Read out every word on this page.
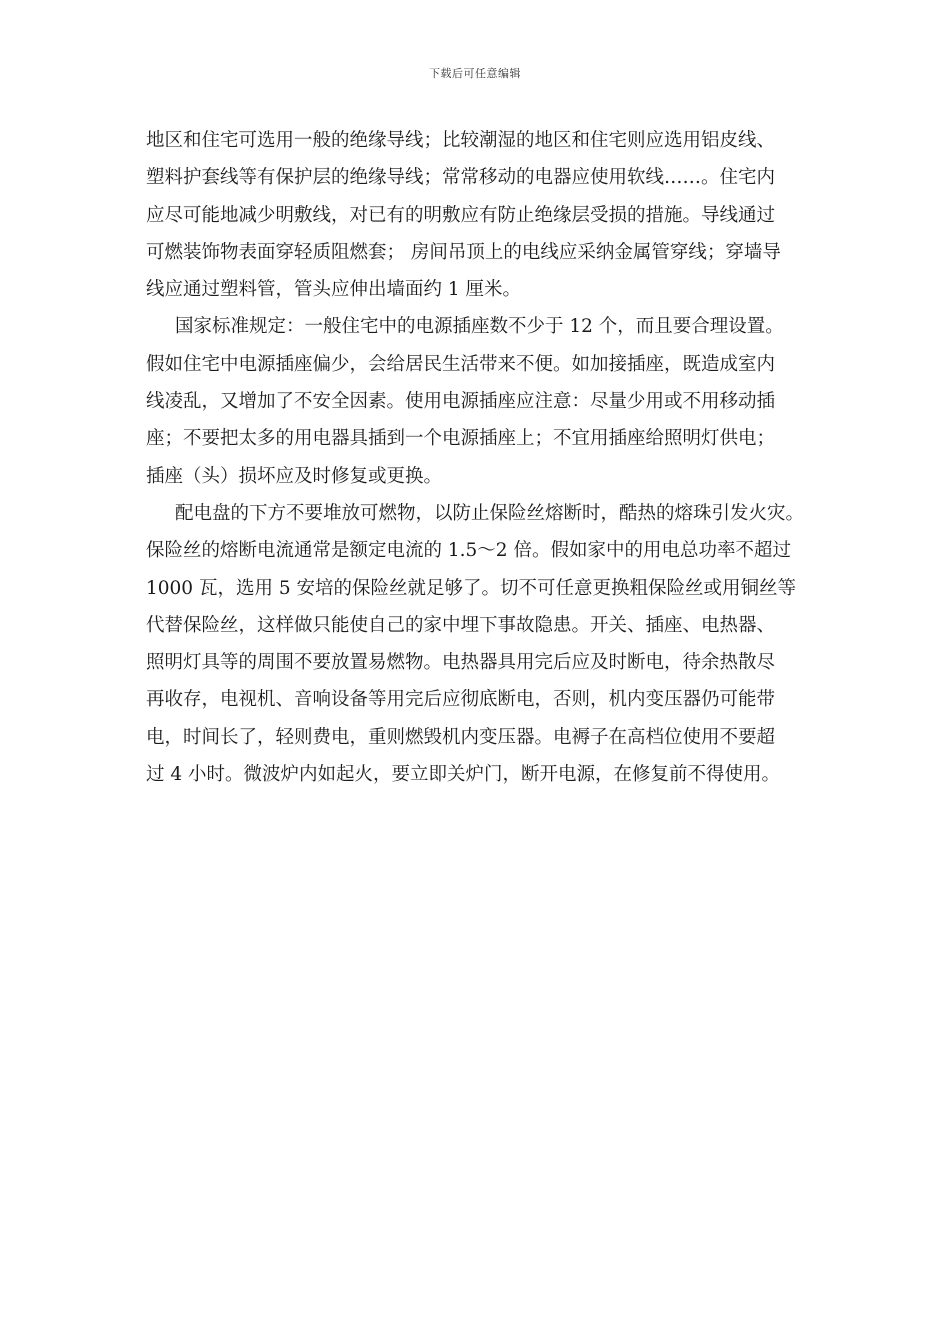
下载后可任意编辑
地区和住宅可选用一般的绝缘导线；比较潮湿的地区和住宅则应选用铝皮线、
塑料护套线等有保护层的绝缘导线；常常移动的电器应使用软线……。住宅内
应尽可能地减少明敷线，对已有的明敷应有防止绝缘层受损的措施。导线通过
可燃装饰物表面穿轻质阻燃套； 房间吊顶上的电线应采纳金属管穿线；穿墙导
线应通过塑料管，管头应伸出墙面约 1 厘米。
国家标准规定：一般住宅中的电源插座数不少于 12 个，而且要合理设置。
假如住宅中电源插座偏少，会给居民生活带来不便。如加接插座，既造成室内
线凌乱，又增加了不安全因素。使用电源插座应注意：尽量少用或不用移动插
座；不要把太多的用电器具插到一个电源插座上；不宜用插座给照明灯供电；
插座（头）损坏应及时修复或更换。
配电盘的下方不要堆放可燃物，以防止保险丝熔断时，酷热的熔珠引发火灾。
保险丝的熔断电流通常是额定电流的 1.5～2 倍。假如家中的用电总功率不超过
1000 瓦，选用 5 安培的保险丝就足够了。切不可任意更换粗保险丝或用铜丝等
代替保险丝，这样做只能使自己的家中埋下事故隐患。开关、插座、电热器、
照明灯具等的周围不要放置易燃物。电热器具用完后应及时断电，待余热散尽
再收存，电视机、音响设备等用完后应彻底断电，否则，机内变压器仍可能带
电，时间长了，轻则费电，重则燃毁机内变压器。电褥子在高档位使用不要超
过 4 小时。微波炉内如起火，要立即关炉门，断开电源，在修复前不得使用。
